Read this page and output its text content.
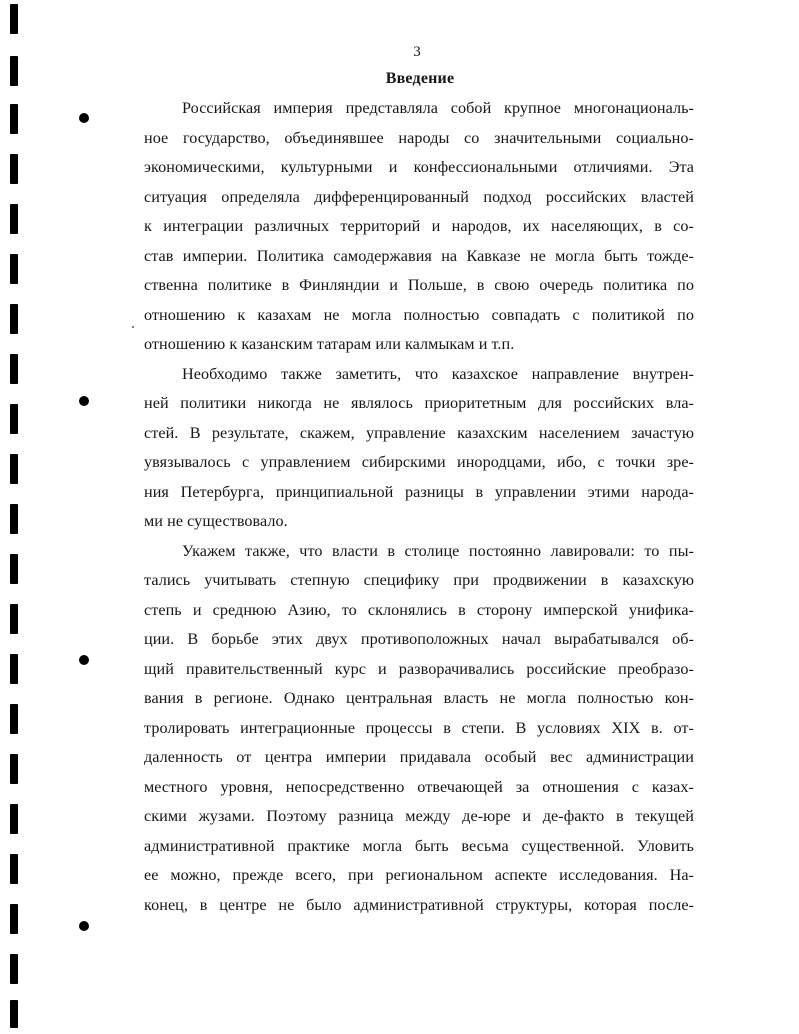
3
Введение
Российская империя представляла собой крупное многонациональ-
ное государство, объединявшее народы со значительными социально-
экономическими, культурными и конфессиональными отличиями. Эта
ситуация определяла дифференцированный подход российских властей
к интеграции различных территорий и народов, их населяющих, в со-
став империи. Политика самодержавия на Кавказе не могла быть тожде-
ственна политике в Финляндии и Польше, в свою очередь политика по
отношению к казахам не могла полностью совпадать с политикой по
отношению к казанским татарам или калмыкам и т.п.
Необходимо также заметить, что казахское направление внутрен-
ней политики никогда не являлось приоритетным для российских вла-
стей. В результате, скажем, управление казахским населением зачастую
увязывалось с управлением сибирскими инородцами, ибо, с точки зре-
ния Петербурга, принципиальной разницы в управлении этими народа-
ми не существовало.
Укажем также, что власти в столице постоянно лавировали: то пы-
тались учитывать степную специфику при продвижении в казахскую
степь и среднюю Азию, то склонялись в сторону имперской унифика-
ции. В борьбе этих двух противоположных начал вырабатывался об-
щий правительственный курс и разворачивались российские преобразо-
вания в регионе. Однако центральная власть не могла полностью кон-
тролировать интеграционные процессы в степи. В условиях XIX в. от-
даленность от центра империи придавала особый вес администрации
местного уровня, непосредственно отвечающей за отношения с казах-
скими жузами. Поэтому разница между де-юре и де-факто в текущей
административной практике могла быть весьма существенной. Уловить
ее можно, прежде всего, при региональном аспекте исследования. На-
конец, в центре не было административной структуры, которая после-
